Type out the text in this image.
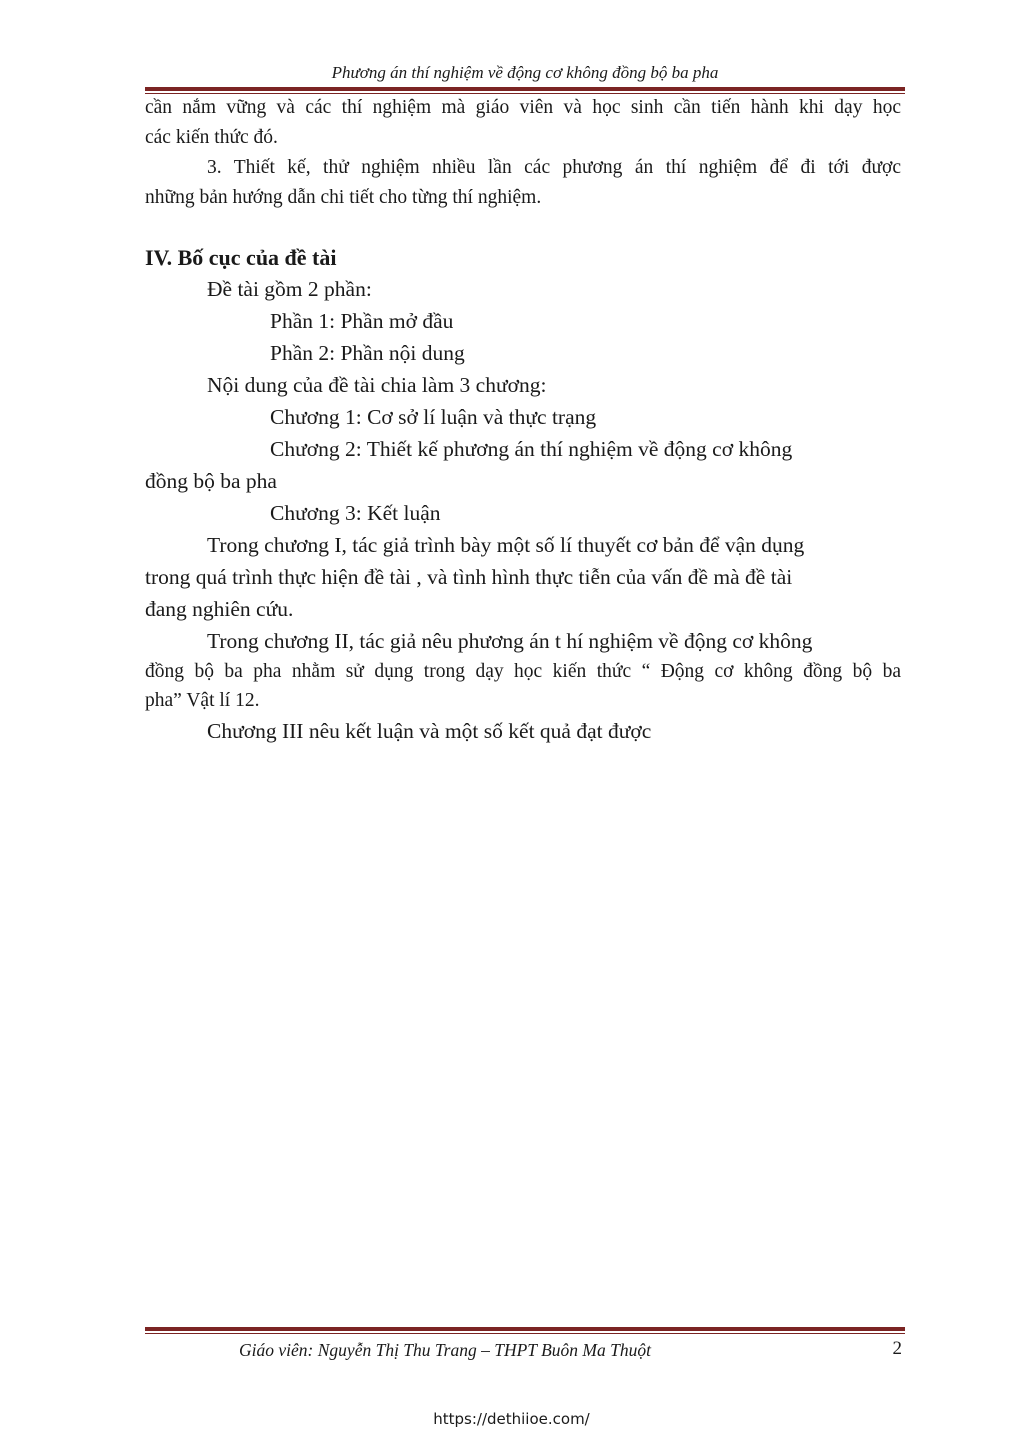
Phương án thí nghiệm về động cơ không đồng bộ ba pha
cần nắm vững và các thí nghiệm mà giáo viên và học sinh cần tiến hành khi dạy học
các kiến thức đó.
3. Thiết kế, thử nghiệm nhiều lần các phương án thí nghiệm để đi tới được
những bản hướng dẫn chi tiết cho từng thí nghiệm.
IV. Bố cục của đề tài
Đề tài gồm 2 phần:
Phần 1: Phần mở đầu
Phần 2: Phần nội dung
Nội dung của đề tài chia làm 3 chương:
Chương 1: Cơ sở lí luận và thực trạng
Chương 2: Thiết kế phương án thí nghiệm về động cơ không
đồng bộ ba pha
Chương 3: Kết luận
Trong chương I, tác giả trình bày một số lí thuyết cơ bản để vận dụng
trong quá trình thực hiện đề tài , và tình hình thực tiễn của vấn đề mà đề tài
đang nghiên cứu.
Trong chương II, tác giả nêu phương án t hí nghiệm về động cơ không
đồng bộ ba pha nhằm sử dụng trong dạy học kiến thức “ Động cơ không đồng bộ ba
pha” Vật lí 12.
Chương III nêu kết luận và một số kết quả đạt được
Giáo viên: Nguyễn Thị Thu Trang – THPT Buôn Ma Thuột	2
https://dethiioe.com/
